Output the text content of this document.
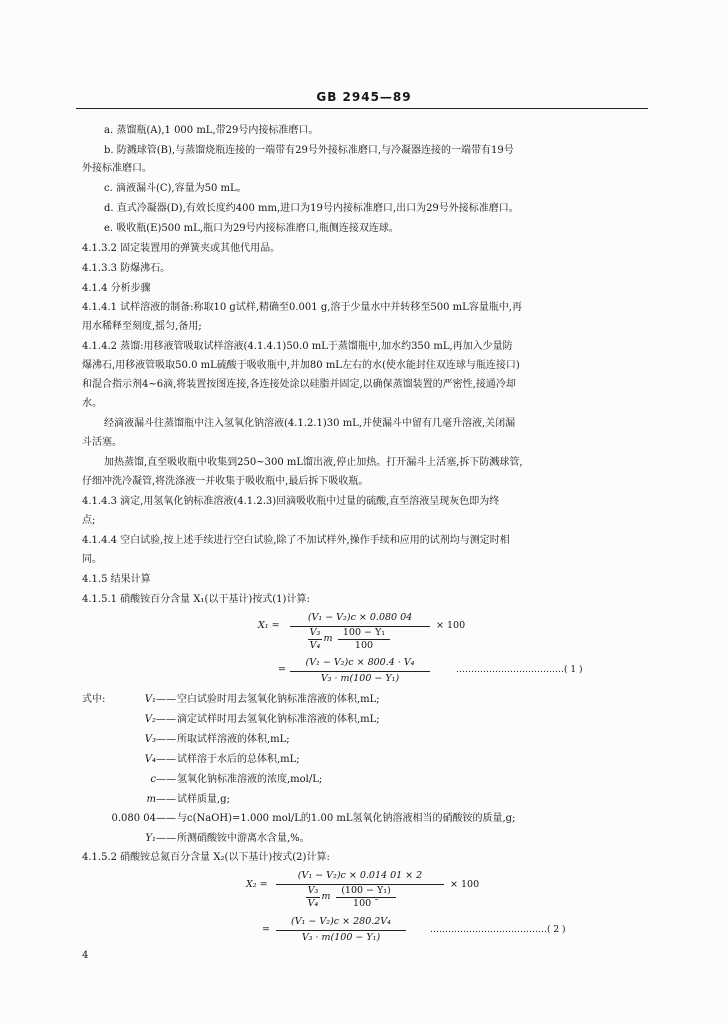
GB 2945—89
a. 蒸馏瓶(A),1 000 mL,带29号内接标准磨口。
b. 防溅球管(B),与蒸馏烧瓶连接的一端带有29号外接标准磨口,与冷凝器连接的一端带有19号
外接标准磨口。
c. 滴液漏斗(C),容量为50 mL。
d. 直式冷凝器(D),有效长度约400 mm,进口为19号内接标准磨口,出口为29号外接标准磨口。
e. 吸收瓶(E)500 mL,瓶口为29号内接标准磨口,瓶侧连接双连球。
4.1.3.2 固定装置用的弹簧夹或其他代用品。
4.1.3.3 防爆沸石。
4.1.4 分析步骤
4.1.4.1 试样溶液的制备:称取10 g试样,精确至0.001 g,溶于少量水中并转移至500 mL容量瓶中,再
用水稀释至刻度,摇匀,备用;
4.1.4.2 蒸馏:用移液管吸取试样溶液(4.1.4.1)50.0 mL于蒸馏瓶中,加水约350 mL,再加入少量防
爆沸石,用移液管吸取50.0 mL硫酸于吸收瓶中,并加80 mL左右的水(使水能封住双连球与瓶连接口)
和混合指示剂4~6滴,将装置按图连接,各连接处涂以硅脂并固定,以确保蒸馏装置的严密性,接通冷却
水。
经滴液漏斗往蒸馏瓶中注入氢氧化钠溶液(4.1.2.1)30 mL,并使漏斗中留有几毫升溶液,关闭漏
斗活塞。
加热蒸馏,直至吸收瓶中收集到250~300 mL馏出液,停止加热。打开漏斗上活塞,拆下防溅球管,
仔细冲洗冷凝管,将洗涤液一并收集于吸收瓶中,最后拆下吸收瓶。
4.1.4.3 滴定,用氢氧化钠标准溶液(4.1.2.3)回滴吸收瓶中过量的硫酸,直至溶液呈现灰色即为终
点;
4.1.4.4 空白试验,按上述手续进行空白试验,除了不加试样外,操作手续和应用的试剂均与测定时相
同。
4.1.5 结果计算
4.1.5.1 硝酸铵百分含量 X₁(以干基计)按式(1)计算:
X₁ =
(V₁ − V₂)c × 0.080 04
V₃
V₄
m
100 − Y₁
100
× 100
=
(V₁ − V₂)c × 800.4 · V₄
V₃ · m(100 − Y₁)
………………………………( 1 )
式中:	V₁—— 空白试验时用去氢氧化钠标准溶液的体积,mL;
V₂—— 滴定试样时用去氢氧化钠标准溶液的体积,mL;
V₃—— 所取试样溶液的体积,mL;
V₄—— 试样溶于水后的总体积,mL;
c—— 氢氧化钠标准溶液的浓度,mol/L;
m—— 试样质量,g;
0.080 04—— 与c(NaOH)=1.000 mol/L的1.00 mL氢氧化钠溶液相当的硝酸铵的质量,g;
Y₁—— 所测硝酸铵中游离水含量,%。
4.1.5.2 硝酸铵总氮百分含量 X₂(以下基计)按式(2)计算:
X₂ =
(V₁ − V₂)c × 0.014 01 × 2
V₃
V₄
m
(100 − Y₁)
100 ˜
× 100
=
(V₁ − V₂)c × 280.2V₄
V₃ · m(100 − Y₁)
…………………………………( 2 )
4
